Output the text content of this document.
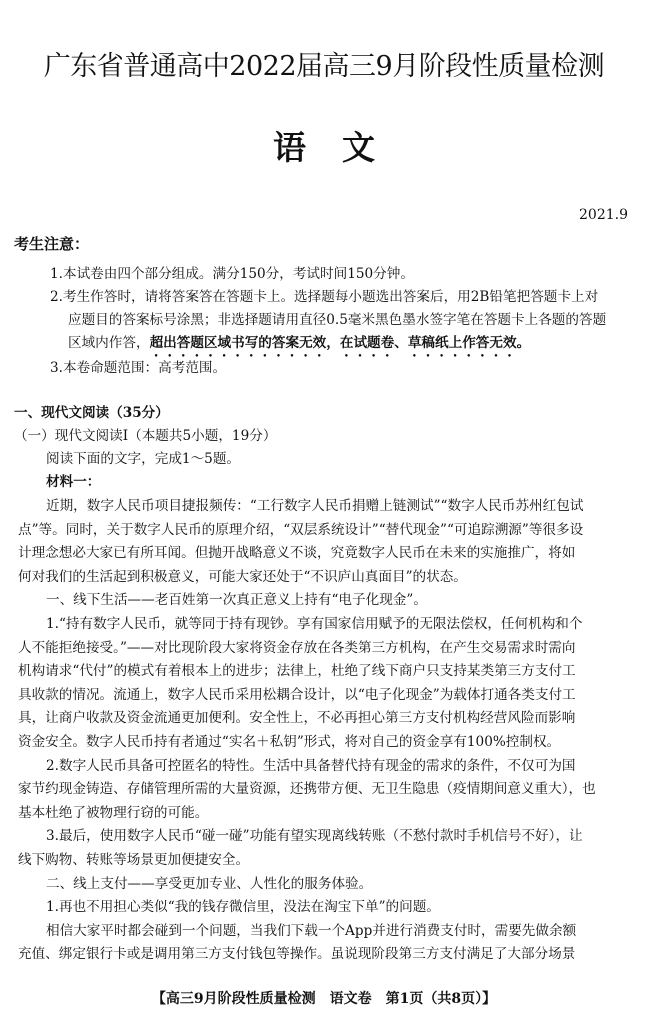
广东省普通高中2022届高三9月阶段性质量检测
语文
2021.9
考生注意：
1.本试卷由四个部分组成。满分150分，考试时间150分钟。
2.考生作答时，请将答案答在答题卡上。选择题每小题选出答案后，用2B铅笔把答题卡上对
应题目的答案标号涂黑；非选择题请用直径0.5毫米黑色墨水签字笔在答题卡上各题的答题
区域内作答，超出答题区域书写的答案无效，在试题卷、草稿纸上作答无效。
3.本卷命题范围：高考范围。
一、现代文阅读（35分）
（一）现代文阅读Ⅰ（本题共5小题，19分）
阅读下面的文字，完成1～5题。
材料一：
近期，数字人民币项目捷报频传：“工行数字人民币捐赠上链测试”“数字人民币苏州红包试
点”等。同时，关于数字人民币的原理介绍，“双层系统设计”“替代现金”“可追踪溯源”等很多设
计理念想必大家已有所耳闻。但抛开战略意义不谈，究竟数字人民币在未来的实施推广，将如
何对我们的生活起到积极意义，可能大家还处于“不识庐山真面目”的状态。
一、线下生活——老百姓第一次真正意义上持有“电子化现金”。
1.“持有数字人民币，就等同于持有现钞。享有国家信用赋予的无限法偿权，任何机构和个
人不能拒绝接受。”——对比现阶段大家将资金存放在各类第三方机构，在产生交易需求时需向
机构请求“代付”的模式有着根本上的进步；法律上，杜绝了线下商户只支持某类第三方支付工
具收款的情况。流通上，数字人民币采用松耦合设计，以“电子化现金”为载体打通各类支付工
具，让商户收款及资金流通更加便利。安全性上，不必再担心第三方支付机构经营风险而影响
资金安全。数字人民币持有者通过“实名＋私钥”形式，将对自己的资金享有100%控制权。
2.数字人民币具备可控匿名的特性。生活中具备替代持有现金的需求的条件，不仅可为国
家节约现金铸造、存储管理所需的大量资源，还携带方便、无卫生隐患（疫情期间意义重大），也
基本杜绝了被物理行窃的可能。
3.最后，使用数字人民币“碰一碰”功能有望实现离线转账（不愁付款时手机信号不好），让
线下购物、转账等场景更加便捷安全。
二、线上支付——享受更加专业、人性化的服务体验。
1.再也不用担心类似“我的钱存微信里，没法在淘宝下单”的问题。
相信大家平时都会碰到一个问题，当我们下载一个App并进行消费支付时，需要先做余额
充值、绑定银行卡或是调用第三方支付钱包等操作。虽说现阶段第三方支付满足了大部分场景
【高三9月阶段性质量检测　语文卷　第1页（共8页）】
